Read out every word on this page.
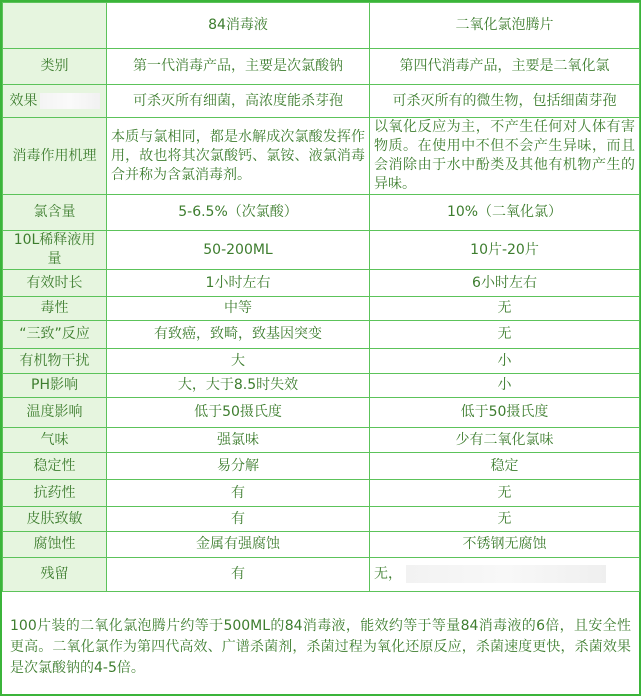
	84消毒液	二氧化氯泡腾片
类别	第一代消毒产品，主要是次氯酸钠	第四代消毒产品，主要是二氧化氯
效果	可杀灭所有细菌，高浓度能杀芽孢	可杀灭所有的微生物，包括细菌芽孢
消毒作用机理	本质与氯相同，都是水解成次氯酸发挥作用，故也将其次氯酸钙、氯铵、液氯消毒合并称为含氯消毒剂。	以氧化反应为主，不产生任何对人体有害物质。在使用中不但不会产生异味，而且会消除由于水中酚类及其他有机物产生的异味。
氯含量	5-6.5%（次氯酸）	10%（二氧化氯）
10L稀释液用量	50-200ML	10片-20片
有效时长	1小时左右	6小时左右
毒性	中等	无
“三致”反应	有致癌，致畸，致基因突变	无
有机物干扰	大	小
PH影响	大，大于8.5时失效	小
温度影响	低于50摄氏度	低于50摄氏度
气味	强氯味	少有二氧化氯味
稳定性	易分解	稳定
抗药性	有	无
皮肤致敏	有	无
腐蚀性	金属有强腐蚀	不锈钢无腐蚀
残留	有	无，
100片装的二氧化氯泡腾片约等于500ML的84消毒液，能效约等于等量84消毒液的6倍，且安全性更高。二氧化氯作为第四代高效、广谱杀菌剂，杀菌过程为氧化还原反应，杀菌速度更快，杀菌效果是次氯酸钠的4-5倍。
